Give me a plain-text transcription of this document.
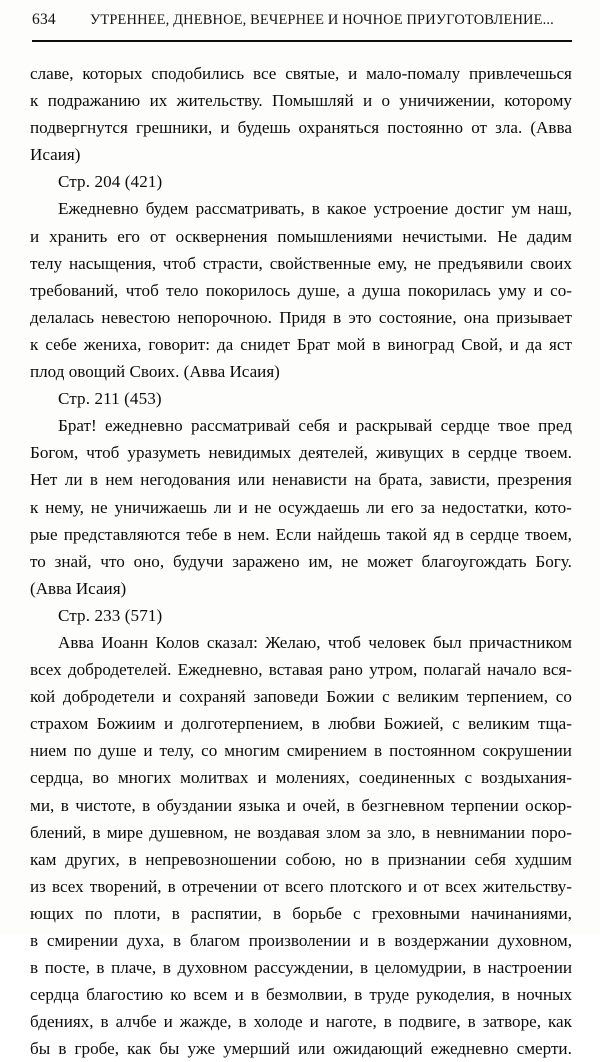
634	УТРЕННЕЕ, ДНЕВНОЕ, ВЕЧЕРНЕЕ И НОЧНОЕ ПРИУГОТОВЛЕНИЕ...
славе, которых сподобились все святые, и мало-помалу привлечешься
к подражанию их жительству. Помышляй и о уничижении, которому
подвергнутся грешники, и будешь охраняться постоянно от зла. (Авва
Исаия)
Стр. 204 (421)
Ежедневно будем рассматривать, в какое устроение достиг ум наш,
и хранить его от осквернения помышлениями нечистыми. Не дадим
телу насыщения, чтоб страсти, свойственные ему, не предъявили своих
требований, чтоб тело покорилось душе, а душа покорилась уму и со-
делалась невестою непорочною. Придя в это состояние, она призывает
к себе жениха, говорит: да снидет Брат мой в виноград Свой, и да яст
плод овощий Своих. (Авва Исаия)
Стр. 211 (453)
Брат! ежедневно рассматривай себя и раскрывай сердце твое пред
Богом, чтоб уразуметь невидимых деятелей, живущих в сердце твоем.
Нет ли в нем негодования или ненависти на брата, зависти, презрения
к нему, не уничижаешь ли и не осуждаешь ли его за недостатки, кото-
рые представляются тебе в нем. Если найдешь такой яд в сердце твоем,
то знай, что оно, будучи заражено им, не может благоугождать Богу.
(Авва Исаия)
Стр. 233 (571)
Авва Иоанн Колов сказал: Желаю, чтоб человек был причастником
всех добродетелей. Ежедневно, вставая рано утром, полагай начало вся-
кой добродетели и сохраняй заповеди Божии с великим терпением, со
страхом Божиим и долготерпением, в любви Божией, с великим тща-
нием по душе и телу, со многим смирением в постоянном сокрушении
сердца, во многих молитвах и молениях, соединенных с воздыхания-
ми, в чистоте, в обуздании языка и очей, в безгневном терпении оскор-
блений, в мире душевном, не воздавая злом за зло, в невнимании поро-
кам других, в непревозношении собою, но в признании себя худшим
из всех творений, в отречении от всего плотского и от всех жительству-
ющих по плоти, в распятии, в борьбе с греховными начинаниями,
в смирении духа, в благом произволении и в воздержании духовном,
в посте, в плаче, в духовном рассуждении, в целомудрии, в настроении
сердца благостию ко всем и в безмолвии, в труде рукоделия, в ночных
бдениях, в алчбе и жажде, в холоде и наготе, в подвиге, в затворе, как
бы в гробе, как бы уже умерший или ожидающий ежедневно смерти.
